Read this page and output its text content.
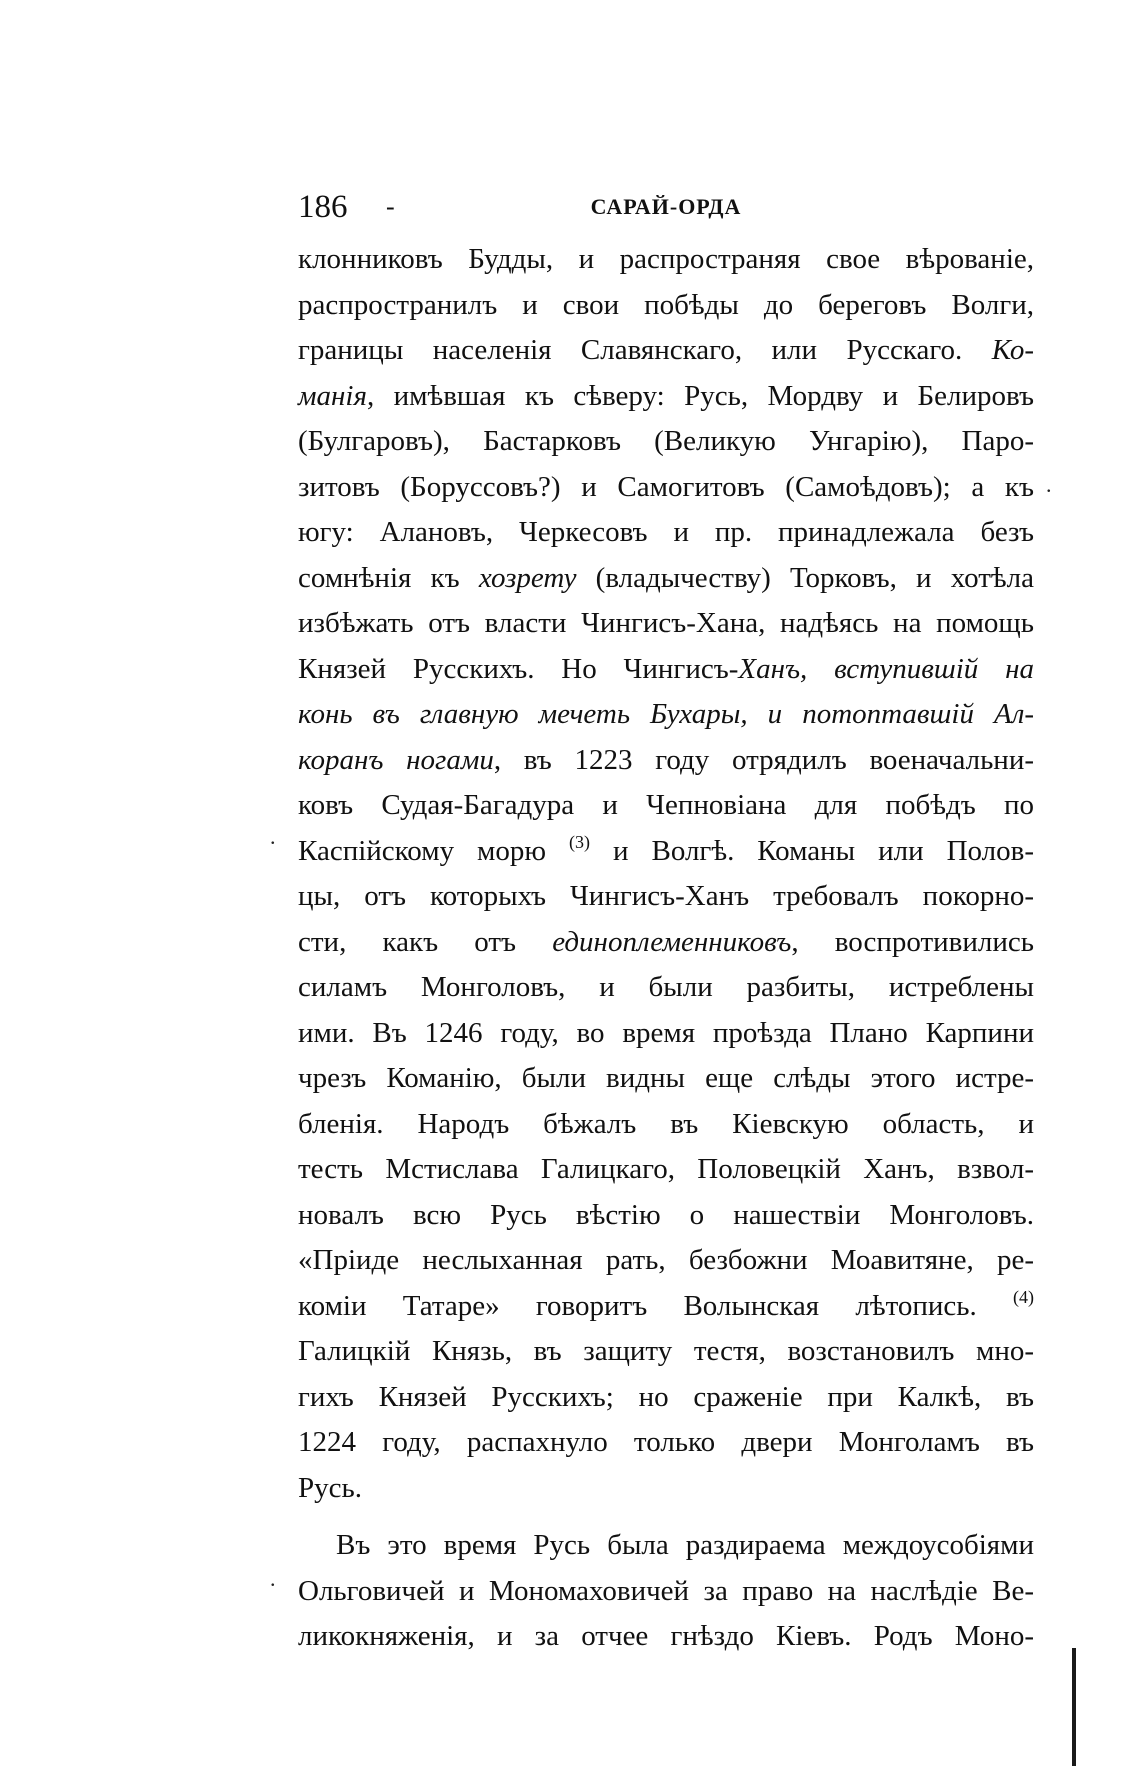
186 -	САРАЙ-ОРДА
клонниковъ Будды, и распространяя свое вѣрованіе,
распространилъ и свои побѣды до береговъ Волги,
границы населенія Славянскаго, или Русскаго. Ко-
манія, имѣвшая къ сѣверу: Русь, Мордву и Белировъ
(Булгаровъ), Бастарковъ (Великую Унгарію), Паро-
зитовъ (Боруссовъ?) и Самогитовъ (Самоѣдовъ); а къ
югу: Алановъ, Черкесовъ и пр. принадлежала безъ
сомнѣнія къ хозрету (владычеству) Торковъ, и хотѣла
избѣжать отъ власти Чингисъ-Хана, надѣясь на помощь
Князей Русскихъ. Но Чингисъ-Ханъ, вступившій на
конь въ главную мечеть Бухары, и потоптавшій Ал-
коранъ ногами, въ 1223 году отрядилъ военачальни-
ковъ Судая-Багадура и Чепновіана для побѣдъ по
Каспійскому морю $^{(3)}$ и Волгѣ. Команы или Полов-
цы, отъ которыхъ Чингисъ-Ханъ требовалъ покорно-
сти, какъ отъ единоплеменниковъ, воспротивились
силамъ Монголовъ, и были разбиты, истреблены
ими. Въ 1246 году, во время проѣзда Плано Карпини
чрезъ Команію, были видны еще слѣды этого истре-
бленія. Народъ бѣжалъ въ Кіевскую область, и
тесть Мстислава Галицкаго, Половецкій Ханъ, взвол-
новалъ всю Русь вѣстію о нашествіи Монголовъ.
«Пріиде неслыханная рать, безбожни Моавитяне, ре-
коміи Татаре» говоритъ Волынская лѣтопись. $^{(4)}$
Галицкій Князь, въ защиту тестя, возстановилъ мно-
гихъ Князей Русскихъ; но сраженіе при Калкѣ, въ
1224 году, распахнуло только двери Монголамъ въ
Русь.
Въ это время Русь была раздираема междоусобіями
Ольговичей и Мономаховичей за право на наслѣдіе Ве-
ликокняженія, и за отчее гнѣздо Кіевъ. Родъ Моно-
.
.
.
